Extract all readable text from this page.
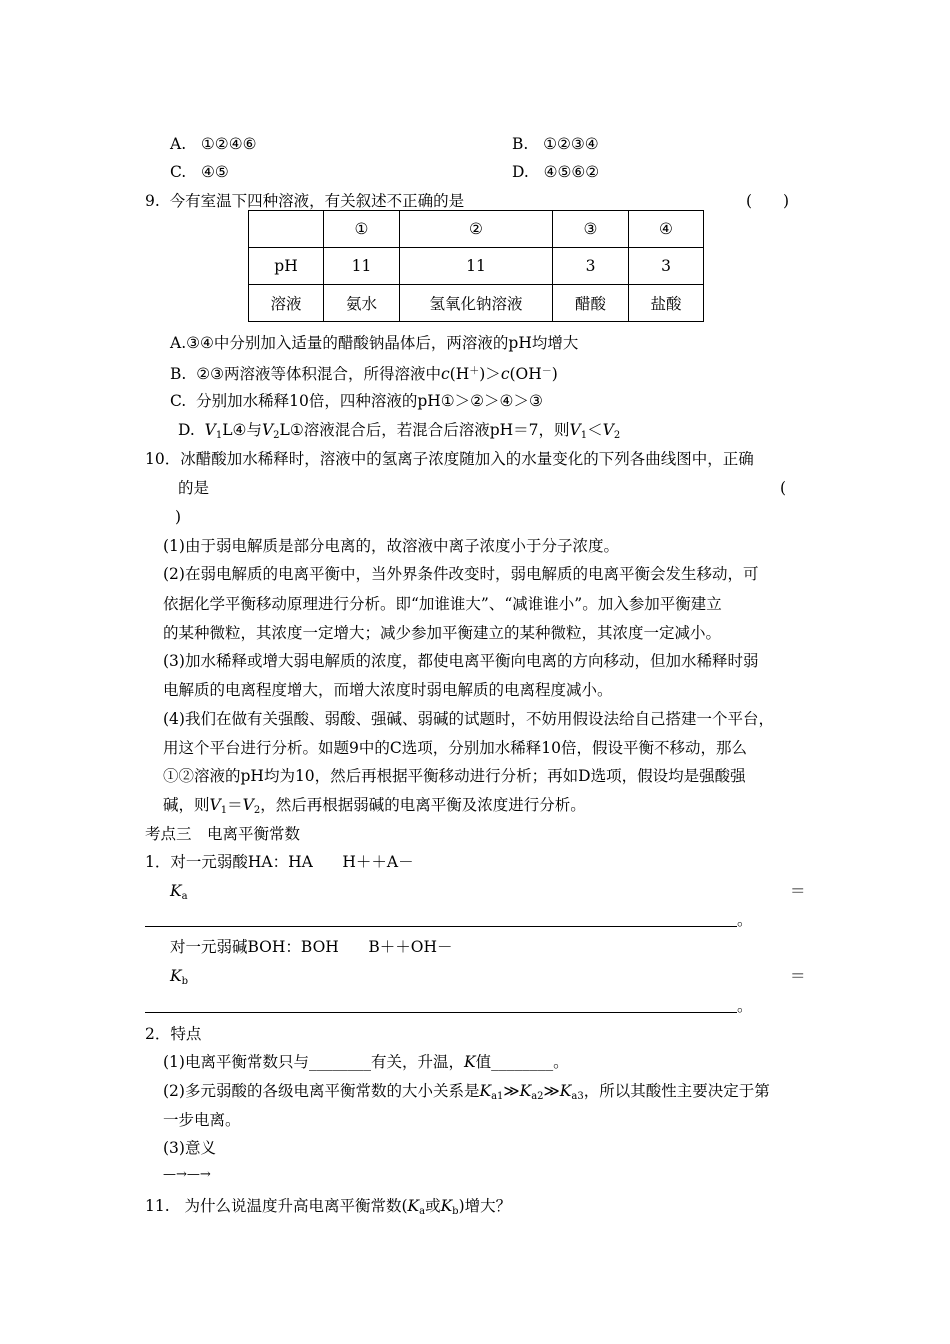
A. ①②④⑥	B. ①②③④
C. ④⑤	D. ④⑤⑥②
9. 今有室温下四种溶液，有关叙述不正确的是	(　　)
	①	②	③	④
pH	11	11	3	3
溶液	氨水	氢氧化钠溶液	醋酸	盐酸
A.③④中分别加入适量的醋酸钠晶体后，两溶液的pH均增大
B. ②③两溶液等体积混合，所得溶液中c(H＋)＞c(OH－)
C. 分别加水稀释10倍，四种溶液的pH①＞②＞④＞③
D. $V_1L④$与$V_2L①$溶液混合后，若混合后溶液pH＝7，则$V_1<V_2$
10．冰醋酸加水稀释时，溶液中的氢离子浓度随加入的水量变化的下列各曲线图中，正确
的是	(
)
(1)由于弱电解质是部分电离的，故溶液中离子浓度小于分子浓度。
(2)在弱电解质的电离平衡中，当外界条件改变时，弱电解质的电离平衡会发生移动，可
依据化学平衡移动原理进行分析。即“加谁谁大”、“减谁谁小”。加入参加平衡建立
的某种微粒，其浓度一定增大；减少参加平衡建立的某种微粒，其浓度一定减小。
(3)加水稀释或增大弱电解质的浓度，都使电离平衡向电离的方向移动，但加水稀释时弱
电解质的电离程度增大，而增大浓度时弱电解质的电离程度减小。
(4)我们在做有关强酸、弱酸、强碱、弱碱的试题时，不妨用假设法给自己搭建一个平台，
用这个平台进行分析。如题9中的C选项，分别加水稀释10倍，假设平衡不移动，那么
①②溶液的pH均为10，然后再根据平衡移动进行分析；再如D选项，假设均是强酸强
碱，则$V_1=V_2$，然后再根据弱碱的电离平衡及浓度进行分析。
考点三　电离平衡常数
1．对一元弱酸HA：HA H＋＋A－
$K_a$	＝
。
对一元弱碱BOH：BOH B＋＋OH－
$K_b$	＝
。
2．特点
(1)电离平衡常数只与________有关，升温，K值________。
(2)多元弱酸的各级电离平衡常数的大小关系是$K_{a1}≫K_{a2}≫K_{a3}$，所以其酸性主要决定于第
一步电离。
(3)意义
—→—→
11. 为什么说温度升高电离平衡常数($K_a$或$K_b$)增大？
